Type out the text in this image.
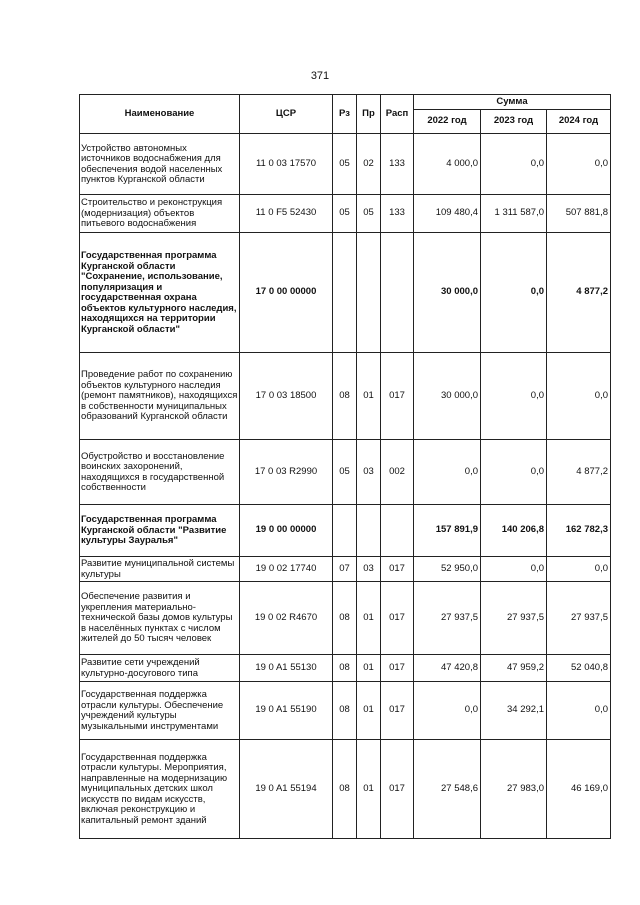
371
Наименование	ЦСР	Рз	Пр	Расп	Сумма		
					2022 год	2023 год	2024 год
Устройство автономных источников водоснабжения для обеспечения водой населенных пунктов Курганской области	11 0 03 17570	05	02	133	4 000,0	0,0	0,0
Строительство и реконструкция (модернизация) объектов питьевого водоснабжения	11 0 F5 52430	05	05	133	109 480,4	1 311 587,0	507 881,8
Государственная программа Курганской области "Сохранение, использование, популяризация и государственная охрана объектов культурного наследия, находящихся на территории Курганской области"	17 0 00 00000				30 000,0	0,0	4 877,2
Проведение работ по сохранению объектов культурного наследия (ремонт памятников), находящихся в собственности муниципальных образований Курганской области	17 0 03 18500	08	01	017	30 000,0	0,0	0,0
Обустройство и восстановление воинских захоронений, находящихся в государственной собственности	17 0 03 R2990	05	03	002	0,0	0,0	4 877,2
Государственная программа Курганской области "Развитие культуры Зауралья"	19 0 00 00000				157 891,9	140 206,8	162 782,3
Развитие муниципальной системы культуры	19 0 02 17740	07	03	017	52 950,0	0,0	0,0
Обеспечение развития и укрепления материально-технической базы домов культуры в населённых пунктах с числом жителей до 50 тысяч человек	19 0 02 R4670	08	01	017	27 937,5	27 937,5	27 937,5
Развитие сети учреждений культурно-досугового типа	19 0 A1 55130	08	01	017	47 420,8	47 959,2	52 040,8
Государственная поддержка отрасли культуры. Обеспечение учреждений культуры музыкальными инструментами	19 0 A1 55190	08	01	017	0,0	34 292,1	0,0
Государственная поддержка отрасли культуры. Мероприятия, направленные на модернизацию муниципальных детских школ искусств по видам искусств, включая реконструкцию и капитальный ремонт зданий	19 0 A1 55194	08	01	017	27 548,6	27 983,0	46 169,0
